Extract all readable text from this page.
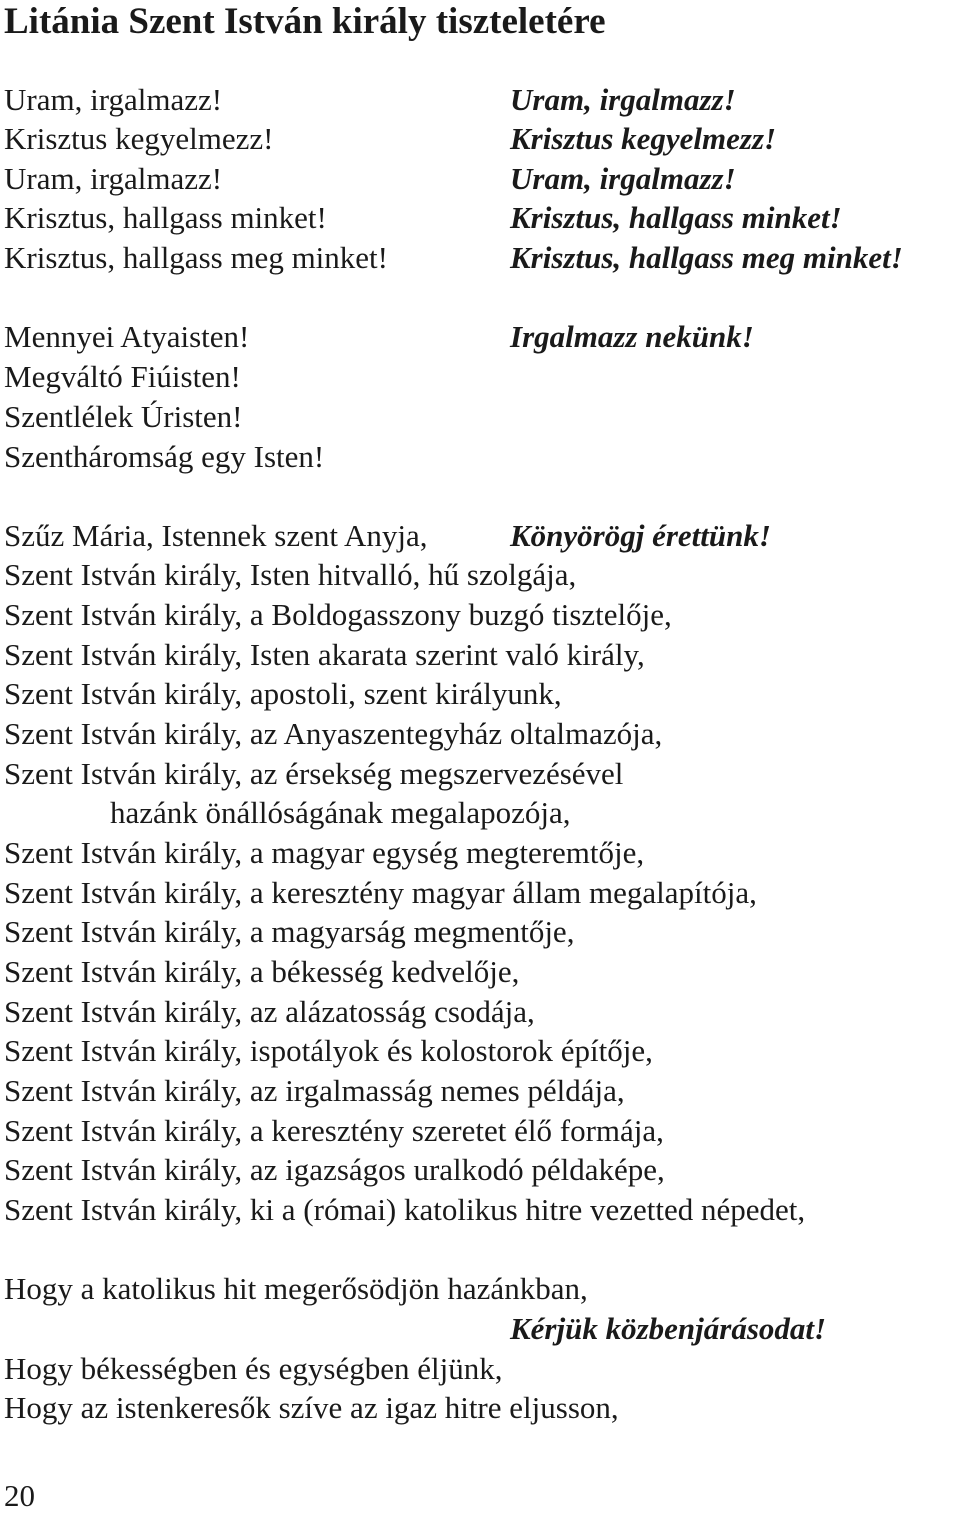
Litánia Szent István király tiszteletére
Uram, irgalmazz!
Krisztus kegyelmezz!
Uram, irgalmazz!
Krisztus, hallgass minket!
Krisztus, hallgass meg minket!
Uram, irgalmazz!
Krisztus kegyelmezz!
Uram, irgalmazz!
Krisztus, hallgass minket!
Krisztus, hallgass meg minket!
Mennyei Atyaisten!
Megváltó Fiúisten!
Szentlélek Úristen!
Szentháromság egy Isten!
Irgalmazz nekünk!
Szűz Mária, Istennek szent Anyja,	Könyörögj érettünk!
Szent István király, Isten hitvalló, hű szolgája,
Szent István király, a Boldogasszony buzgó tisztelője,
Szent István király, Isten akarata szerint való király,
Szent István király, apostoli, szent királyunk,
Szent István király, az Anyaszentegyház oltalmazója,
Szent István király, az érsekség megszervezésével
hazánk önállóságának megalapozója,
Szent István király, a magyar egység megteremtője,
Szent István király, a keresztény magyar állam megalapítója,
Szent István király, a magyarság megmentője,
Szent István király, a békesség kedvelője,
Szent István király, az alázatosság csodája,
Szent István király, ispotályok és kolostorok építője,
Szent István király, az irgalmasság nemes példája,
Szent István király, a keresztény szeretet élő formája,
Szent István király, az igazságos uralkodó példaképe,
Szent István király, ki a (római) katolikus hitre vezetted népedet,
Hogy a katolikus hit megerősödjön hazánkban,
Kérjük közbenjárásodat!
Hogy békességben és egységben éljünk,
Hogy az istenkeresők szíve az igaz hitre eljusson,
20
